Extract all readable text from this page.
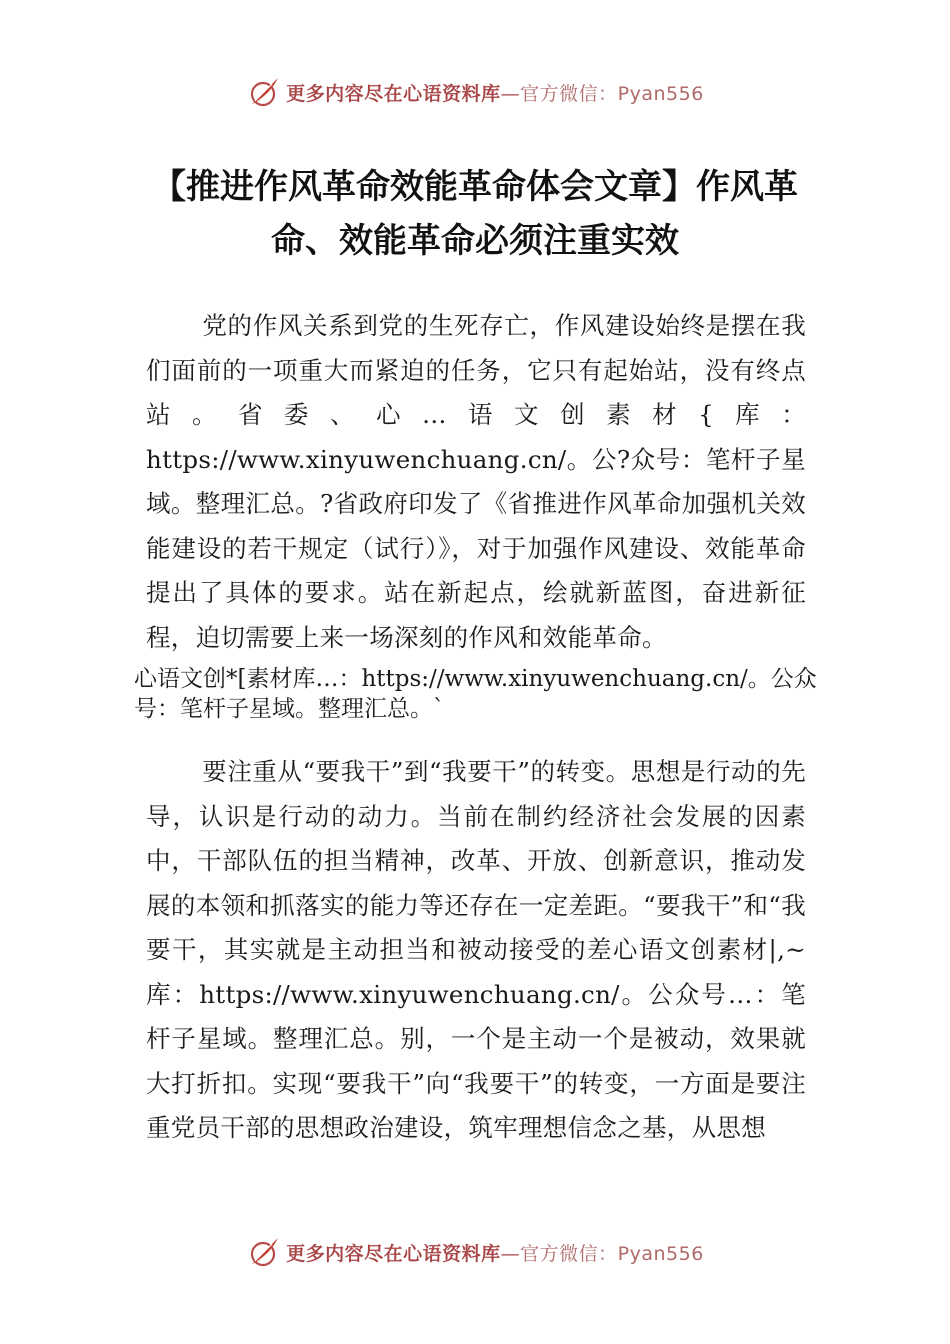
更多内容尽在心语资料库—官方微信：Pyan556
【推进作风革命效能革命体会文章】作风革命、效能革命必须注重实效
党的作风关系到党的生死存亡，作风建设始终是摆在我们面前的一项重大而紧迫的任务，它只有起始站，没有终点站。省委、心…语文创素材{库：https://www.xinyuwenchuang.cn/。公?众号：笔杆子星域。整理汇总。?省政府印发了《省推进作风革命加强机关效能建设的若干规定（试行）》，对于加强作风建设、效能革命提出了具体的要求。站在新起点，绘就新蓝图，奋进新征程，迫切需要上来一场深刻的作风和效能革命。
心语文创*[素材库…：https://www.xinyuwenchuang.cn/。公众号：笔杆子星域。整理汇总。`
要注重从“要我干”到“我要干”的转变。思想是行动的先导，认识是行动的动力。当前在制约经济社会发展的因素中，干部队伍的担当精神，改革、开放、创新意识，推动发展的本领和抓落实的能力等还存在一定差距。“要我干”和“我要干，其实就是主动担当和被动接受的差心语文创素材|,~库：https://www.xinyuwenchuang.cn/。公众号…：笔杆子星域。整理汇总。别，一个是主动一个是被动，效果就大打折扣。实现“要我干”向“我要干”的转变，一方面是要注重党员干部的思想政治建设，筑牢理想信念之基，从思想
更多内容尽在心语资料库—官方微信：Pyan556
